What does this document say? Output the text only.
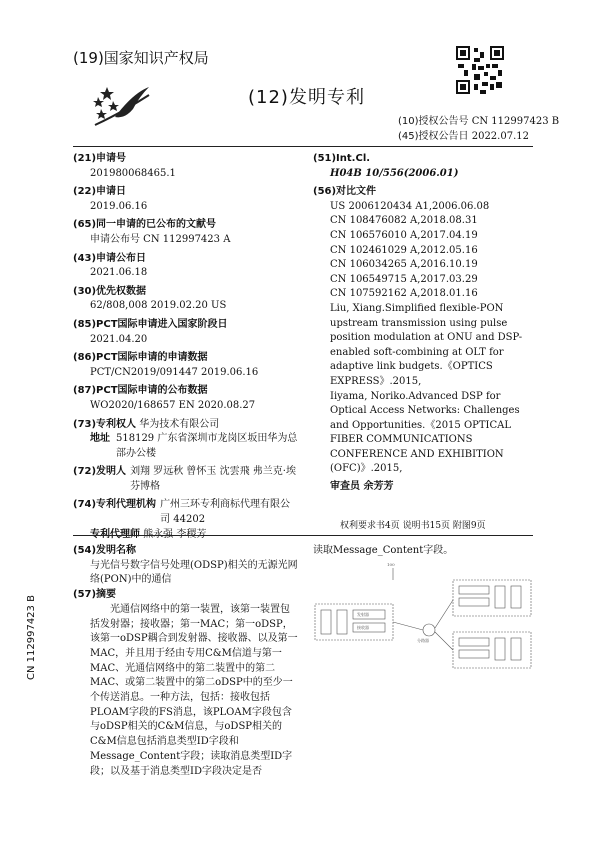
(19)国家知识产权局
(12)发明专利
(10)授权公告号 CN 112997423 B
(45)授权公告日 2022.07.12
(21)申请号
201980068465.1
(22)申请日
2019.06.16
(65)同一申请的已公布的文献号
申请公布号 CN 112997423 A
(43)申请公布日
2021.06.18
(30)优先权数据
62/808,008 2019.02.20 US
(85)PCT国际申请进入国家阶段日
2021.04.20
(86)PCT国际申请的申请数据
PCT/CN2019/091447 2019.06.16
(87)PCT国际申请的公布数据
WO2020/168657 EN 2020.08.27
(73)专利权人 华为技术有限公司
地址 518129 广东省深圳市龙岗区坂田华为总部办公楼
(72)发明人 刘翔 罗远秋 曾怀玉 沈雲飛 弗兰克·埃芬博格
(74)专利代理机构 广州三环专利商标代理有限公司 44202
专利代理师 熊永强 李稷芳
(51)Int.Cl.
H04B 10/556(2006.01)
(56)对比文件
US 2006120434 A1,2006.06.08
CN 108476082 A,2018.08.31
CN 106576010 A,2017.04.19
CN 102461029 A,2012.05.16
CN 106034265 A,2016.10.19
CN 106549715 A,2017.03.29
CN 107592162 A,2018.01.16
Liu, Xiang.Simplified flexible-PON upstream transmission using pulse position modulation at ONU and DSP-enabled soft-combining at OLT for adaptive link budgets.《OPTICS EXPRESS》.2015,
Iiyama, Noriko.Advanced DSP for Optical Access Networks: Challenges and Opportunities.《2015 OPTICAL FIBER COMMUNICATIONS CONFERENCE AND EXHIBITION (OFC)》.2015,
审查员 余芳芳
权利要求书4页 说明书15页 附图9页
(54)发明名称
与光信号数字信号处理(ODSP)相关的无源光网络(PON)中的通信
(57)摘要
光通信网络中的第一装置，该第一装置包括发射器；接收器；第一MAC；第一oDSP，该第一oDSP耦合到发射器、接收器、以及第一MAC，并且用于经由专用C&M信道与第一MAC、光通信网络中的第二装置中的第二MAC、或第二装置中的第二oDSP中的至少一个传送消息。一种方法，包括：接收包括PLOAM字段的FS消息，该PLOAM字段包含与oDSP相关的C&M信息，与oDSP相关的C&M信息包括消息类型ID字段和Message_Content字段；读取消息类型ID字段；以及基于消息类型ID字段决定是否
读取Message_Content字段。
CN 112997423 B
100
分路器
发射器
接收器
